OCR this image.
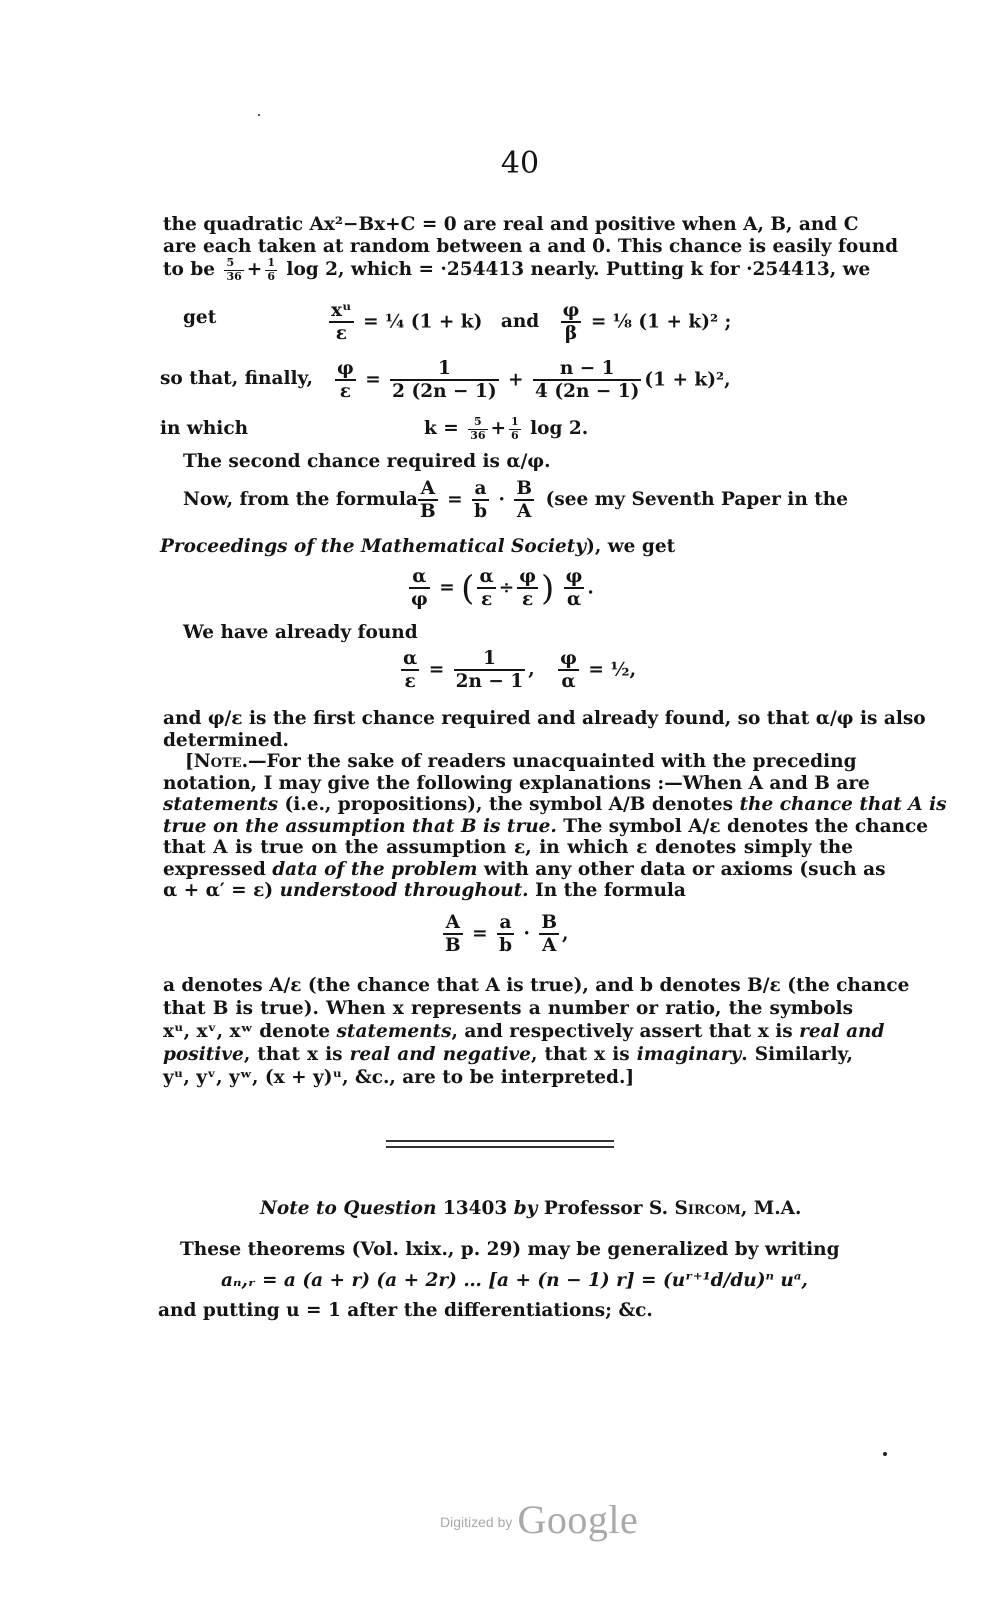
40
the quadratic Ax²−Bx+C = 0 are real and positive when A, B, and C
are each taken at random between a and 0. This chance is easily found
to be $\frac{5}{36} + \frac{1}{6}$ log 2, which = ·254413 nearly. Putting k for ·254413, we
get	$\frac{\text{xᵘ}}{\varepsilon}$ = ¼ (1 + k) and $\frac{\varphi}{\beta}$ = ⅛ (1 + k)² ;
so that, finally, $\frac{\varphi}{\varepsilon} = \frac{1}{2 (2n - 1)} + \frac{n - 1}{4 (2n - 1)} (1 + k)^2$,
in which	$k = \frac{5}{36} + \frac{1}{6}$ log 2.
The second chance required is α/φ.
Now, from the formula $\frac{A}{B} = \frac{a}{b} \cdot \frac{B}{A} (see$ my Seventh Paper in the
Proceedings of the Mathematical Society), we get
$\frac{\alpha}{\varphi}$ = ( $\frac{\alpha}{\varepsilon} \div \frac{\varphi}{\varepsilon}$ ) $\frac{\varphi}{\alpha}$ .
We have already found
$\frac{\alpha}{\varepsilon} = \frac{1}{2n - 1}$ , $\frac{\varphi}{\alpha}$ = ½,
and φ/ε is the first chance required and already found, so that α/φ is also
determined.
[Note.—For the sake of readers unacquainted with the preceding
notation, I may give the following explanations :—When A and B are
statements (i.e., propositions), the symbol A/B denotes the chance that A is
true on the assumption that B is true. The symbol A/ε denotes the chance
that A is true on the assumption ε, in which ε denotes simply the
expressed data of the problem with any other data or axioms (such as
α + α′ = ε) understood throughout. In the formula
$\frac{A}{B} = \frac{a}{b} \cdot \frac{B}{A}$ ,
a denotes A/ε (the chance that A is true), and b denotes B/ε (the chance
that B is true). When x represents a number or ratio, the symbols
xᵘ, xᵛ, xʷ denote statements, and respectively assert that x is real and
positive, that x is real and negative, that x is imaginary. Similarly,
yᵘ, yᵛ, yʷ, (x + y)ᵘ, &c., are to be interpreted.]
Note to Question 13403 by Professor S. Sircom, M.A.
These theorems (Vol. lxix., p. 29) may be generalized by writing
aₙ,ᵣ = a (a + r) (a + 2r) … [a + (n − 1) r] = (uʳ⁺¹d/du)ⁿ uᵃ,
and putting u = 1 after the differentiations; &c.
$^{Digitized by}$ Google
